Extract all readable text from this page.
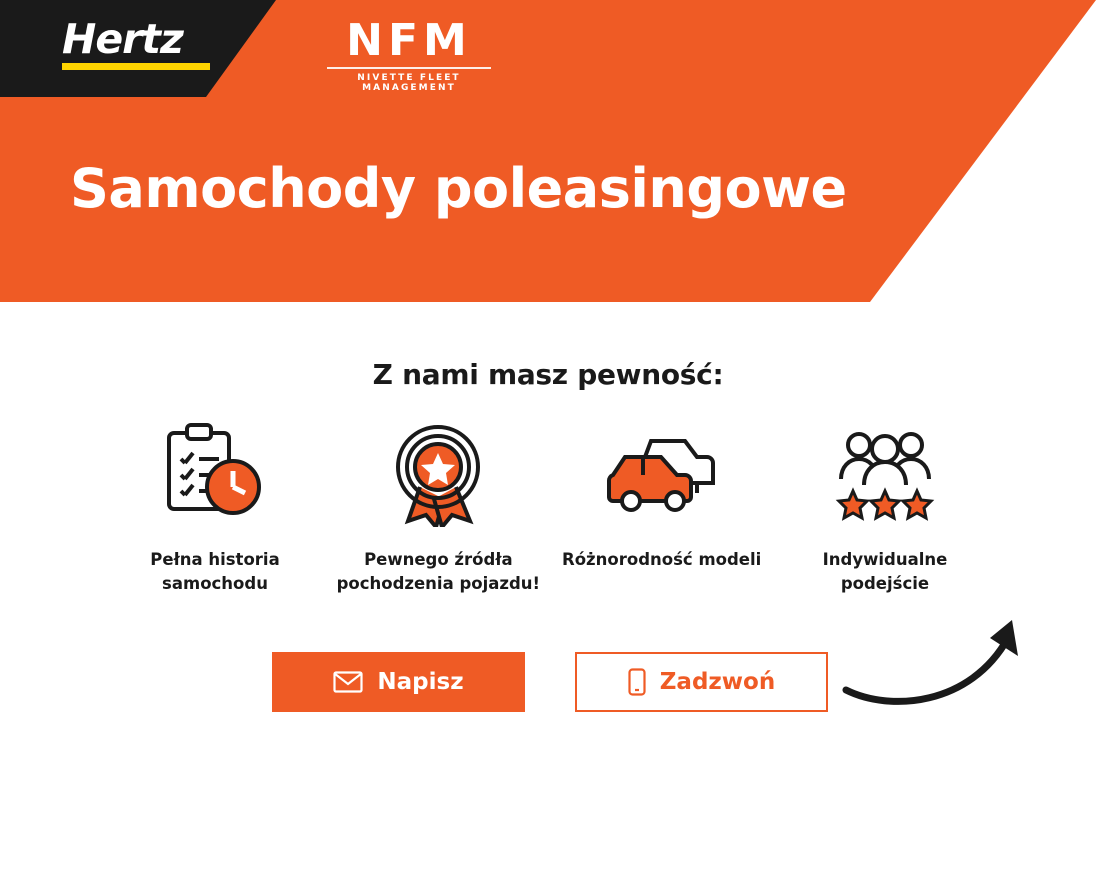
Hertz	NFM
NIVETTE FLEET MANAGEMENT
Samochody poleasingowe
Z nami masz pewność:
Pełna historia samochodu
Pewnego źródła pochodzenia pojazdu!
Różnorodność modeli	Indywidualne podejście
Napisz	Zadzwoń
